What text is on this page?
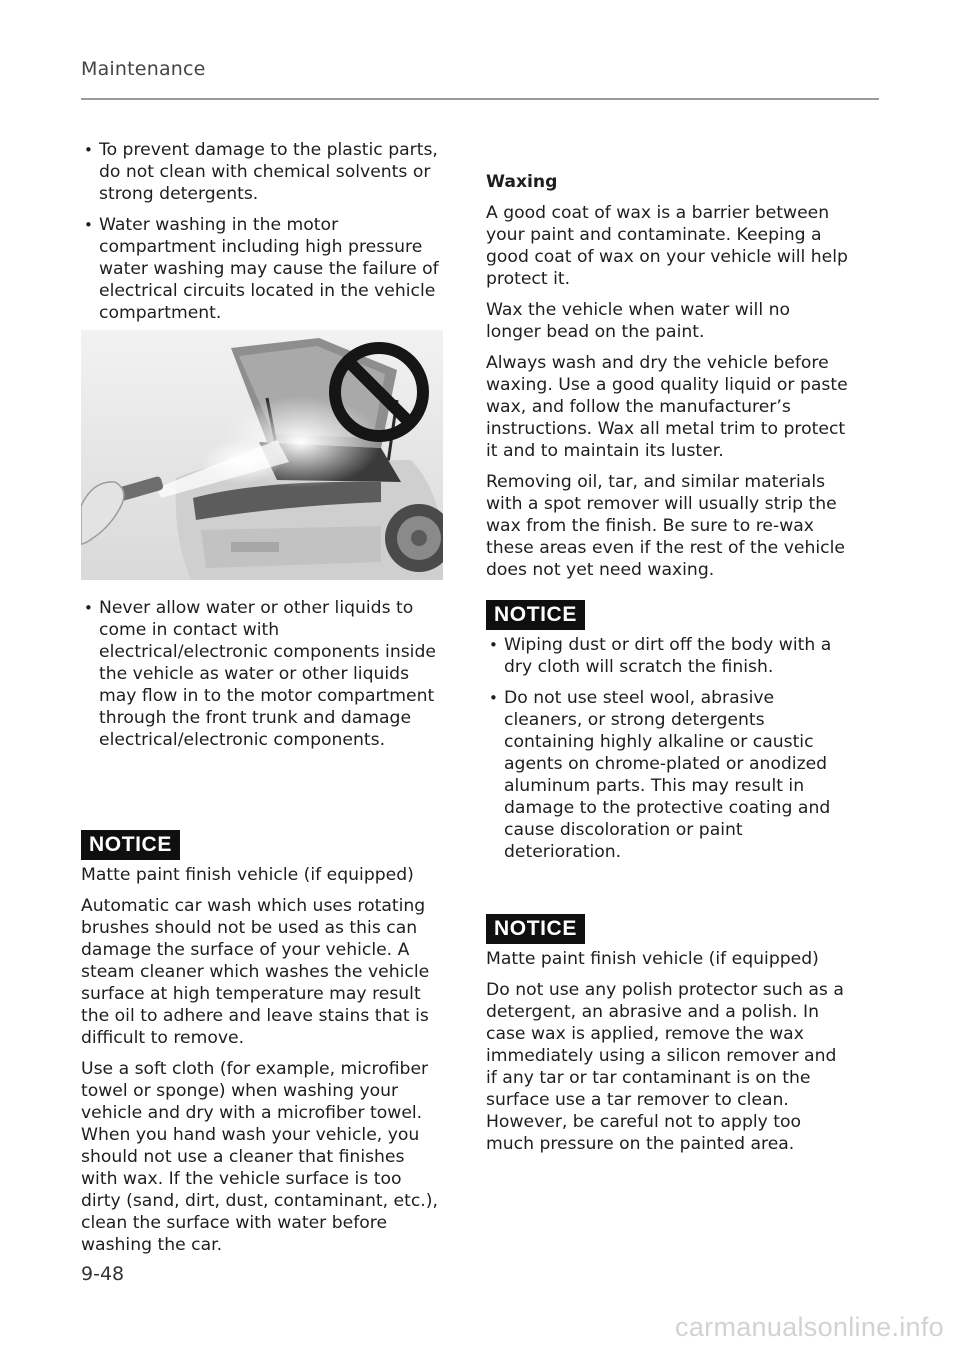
Maintenance
• To prevent damage to the plastic parts, do not clean with chemical solvents or strong detergents.
• Water washing in the motor compartment including high pressure water washing may cause the failure of electrical circuits located in the vehicle compartment.
• Never allow water or other liquids to come in contact with electrical/electronic components inside the vehicle as water or other liquids may flow in to the motor compartment through the front trunk and damage electrical/electronic components.
NOTICE

Matte paint finish vehicle (if equipped)

Automatic car wash which uses rotating brushes should not be used as this can damage the surface of your vehicle. A steam cleaner which washes the vehicle surface at high temperature may result the oil to adhere and leave stains that is difficult to remove.

Use a soft cloth (for example, microfiber towel or sponge) when washing your vehicle and dry with a microfiber towel. When you hand wash your vehicle, you should not use a cleaner that finishes with wax. If the vehicle surface is too dirty (sand, dirt, dust, contaminant, etc.), clean the surface with water before washing the car.

Waxing

A good coat of wax is a barrier between your paint and contaminate. Keeping a good coat of wax on your vehicle will help protect it.

Wax the vehicle when water will no longer bead on the paint.

Always wash and dry the vehicle before waxing. Use a good quality liquid or paste wax, and follow the manufacturer’s instructions. Wax all metal trim to protect it and to maintain its luster.

Removing oil, tar, and similar materials with a spot remover will usually strip the wax from the finish. Be sure to re-wax these areas even if the rest of the vehicle does not yet need waxing.

NOTICE
• Wiping dust or dirt off the body with a dry cloth will scratch the finish.
• Do not use steel wool, abrasive cleaners, or strong detergents containing highly alkaline or caustic agents on chrome-plated or anodized aluminum parts. This may result in damage to the protective coating and cause discoloration or paint deterioration.
NOTICE

Matte paint finish vehicle (if equipped)

Do not use any polish protector such as a detergent, an abrasive and a polish. In case wax is applied, remove the wax immediately using a silicon remover and if any tar or tar contaminant is on the surface use a tar remover to clean. However, be careful not to apply too much pressure on the painted area.

9-48
carmanualsonline.info
